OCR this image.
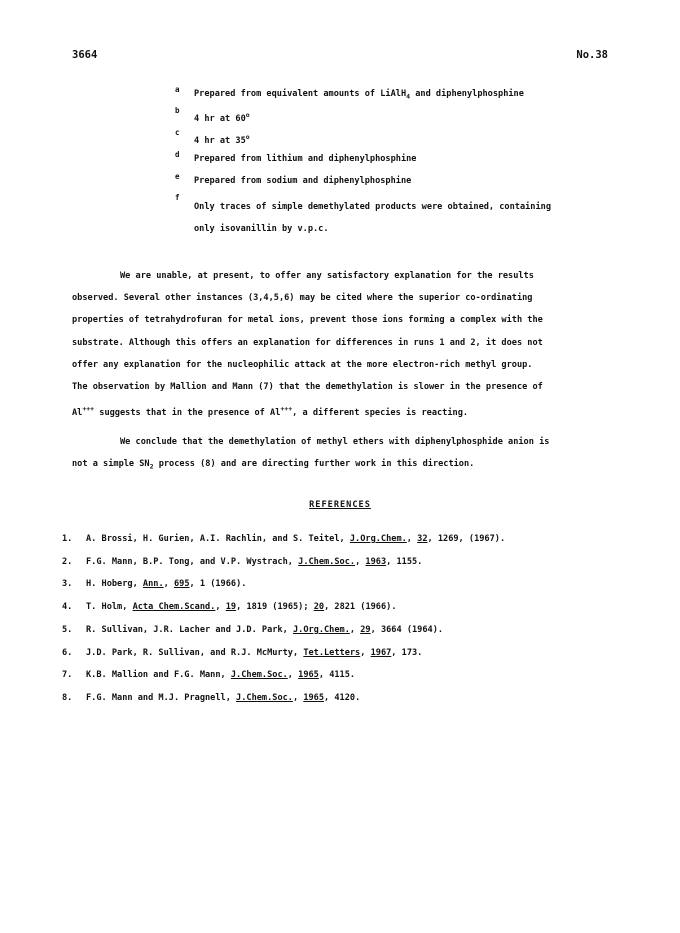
3664	No.38
a Prepared from equivalent amounts of LiAlH$_4$ and diphenylphosphine
b
4 hr at 60$^o$
c
4 hr at 35$^o$
d Prepared from lithium and diphenylphosphine
e Prepared from sodium and diphenylphosphine
f
Only traces of simple demethylated products were obtained, containing
only isovanillin by v.p.c.

We are unable, at present, to offer any satisfactory explanation for the results

observed. Several other instances (3,4,5,6) may be cited where the superior co-ordinating

properties of tetrahydrofuran for metal ions, prevent those ions forming a complex with the

substrate. Although this offers an explanation for differences in runs 1 and 2, it does not

offer any explanation for the nucleophilic attack at the more electron-rich methyl group.

The observation by Mallion and Mann (7) that the demethylation is slower in the presence of

Al+++ suggests that in the presence of Al+++, a different species is reacting.

We conclude that the demethylation of methyl ethers with diphenylphosphide anion is

not a simple $SN_2$ process (8) and are directing further work in this direction.

REFERENCES
1. A. Brossi, H. Gurien, A.I. Rachlin, and S. Teitel, J.Org.Chem., 32, 1269, (1967).
2. F.G. Mann, B.P. Tong, and V.P. Wystrach, J.Chem.Soc., 1963, 1155.
3. H. Hoberg, Ann., 695, 1 (1966).
4. T. Holm, Acta Chem.Scand., 19, 1819 (1965); 20, 2821 (1966).
5. R. Sullivan, J.R. Lacher and J.D. Park, J.Org.Chem., 29, 3664 (1964).
6. J.D. Park, R. Sullivan, and R.J. McMurty, Tet.Letters, 1967, 173.
7. K.B. Mallion and F.G. Mann, J.Chem.Soc., 1965, 4115.
8. F.G. Mann and M.J. Pragnell, J.Chem.Soc., 1965, 4120.
